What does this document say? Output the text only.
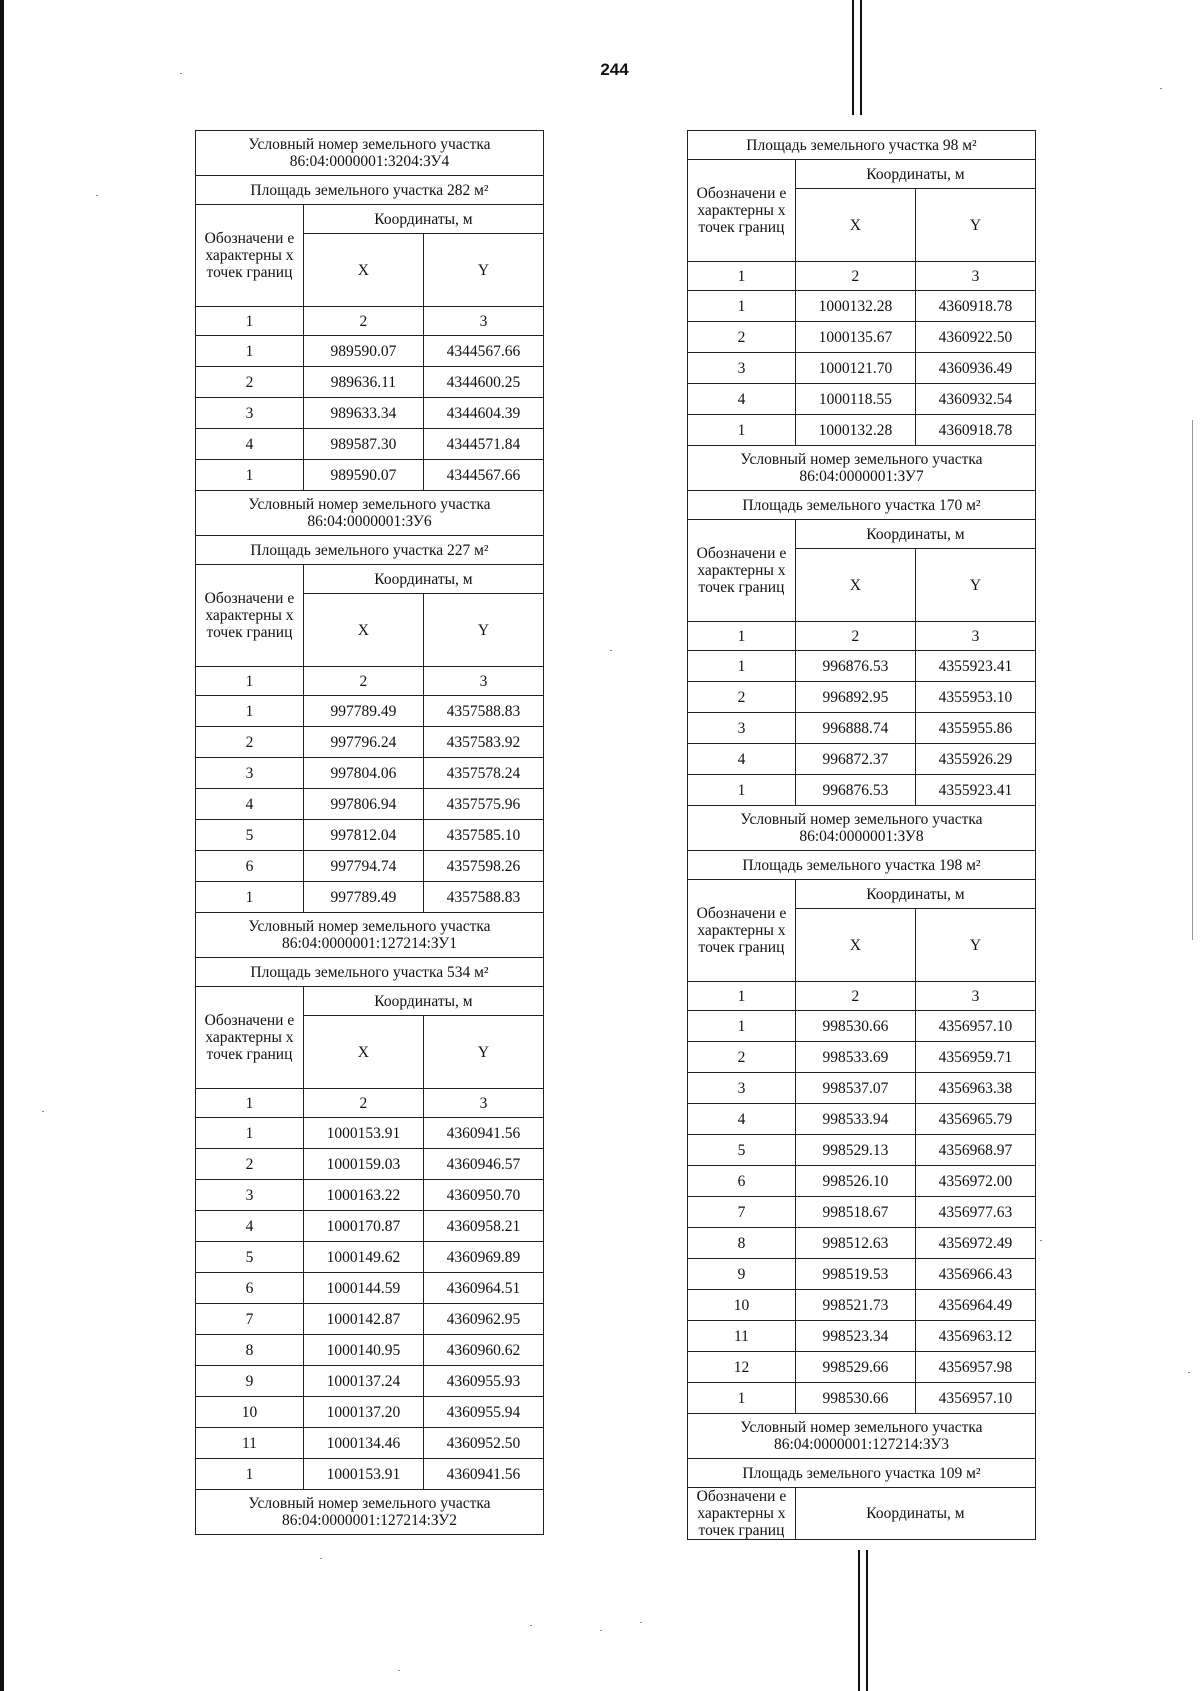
244
Условный номер земельного участка 86:04:0000001:3204:ЗУ4		
Площадь земельного участка 282 м²		
Обозначени е характерны х точек границ	Координаты, м	
	X	Y
1	2	3
1	989590.07	4344567.66
2	989636.11	4344600.25
3	989633.34	4344604.39
4	989587.30	4344571.84
1	989590.07	4344567.66
Условный номер земельного участка 86:04:0000001:ЗУ6		
Площадь земельного участка 227 м²		
Обозначени е характерны х точек границ	Координаты, м	
	X	Y
1	2	3
1	997789.49	4357588.83
2	997796.24	4357583.92
3	997804.06	4357578.24
4	997806.94	4357575.96
5	997812.04	4357585.10
6	997794.74	4357598.26
1	997789.49	4357588.83
Условный номер земельного участка 86:04:0000001:127214:ЗУ1		
Площадь земельного участка 534 м²		
Обозначени е характерны х точек границ	Координаты, м	
	X	Y
1	2	3
1	1000153.91	4360941.56
2	1000159.03	4360946.57
3	1000163.22	4360950.70
4	1000170.87	4360958.21
5	1000149.62	4360969.89
6	1000144.59	4360964.51
7	1000142.87	4360962.95
8	1000140.95	4360960.62
9	1000137.24	4360955.93
10	1000137.20	4360955.94
11	1000134.46	4360952.50
1	1000153.91	4360941.56
Условный номер земельного участка 86:04:0000001:127214:ЗУ2		
Площадь земельного участка 98 м²		
Обозначени е характерны х точек границ	Координаты, м	
	X	Y
1	2	3
1	1000132.28	4360918.78
2	1000135.67	4360922.50
3	1000121.70	4360936.49
4	1000118.55	4360932.54
1	1000132.28	4360918.78
Условный номер земельного участка 86:04:0000001:ЗУ7		
Площадь земельного участка 170 м²		
Обозначени е характерны х точек границ	Координаты, м	
	X	Y
1	2	3
1	996876.53	4355923.41
2	996892.95	4355953.10
3	996888.74	4355955.86
4	996872.37	4355926.29
1	996876.53	4355923.41
Условный номер земельного участка 86:04:0000001:ЗУ8		
Площадь земельного участка 198 м²		
Обозначени е характерны х точек границ	Координаты, м	
	X	Y
1	2	3
1	998530.66	4356957.10
2	998533.69	4356959.71
3	998537.07	4356963.38
4	998533.94	4356965.79
5	998529.13	4356968.97
6	998526.10	4356972.00
7	998518.67	4356977.63
8	998512.63	4356972.49
9	998519.53	4356966.43
10	998521.73	4356964.49
11	998523.34	4356963.12
12	998529.66	4356957.98
1	998530.66	4356957.10
Условный номер земельного участка 86:04:0000001:127214:ЗУ3		
Площадь земельного участка 109 м²		
Обозначени е характерны х точек границ	Координаты, м	
